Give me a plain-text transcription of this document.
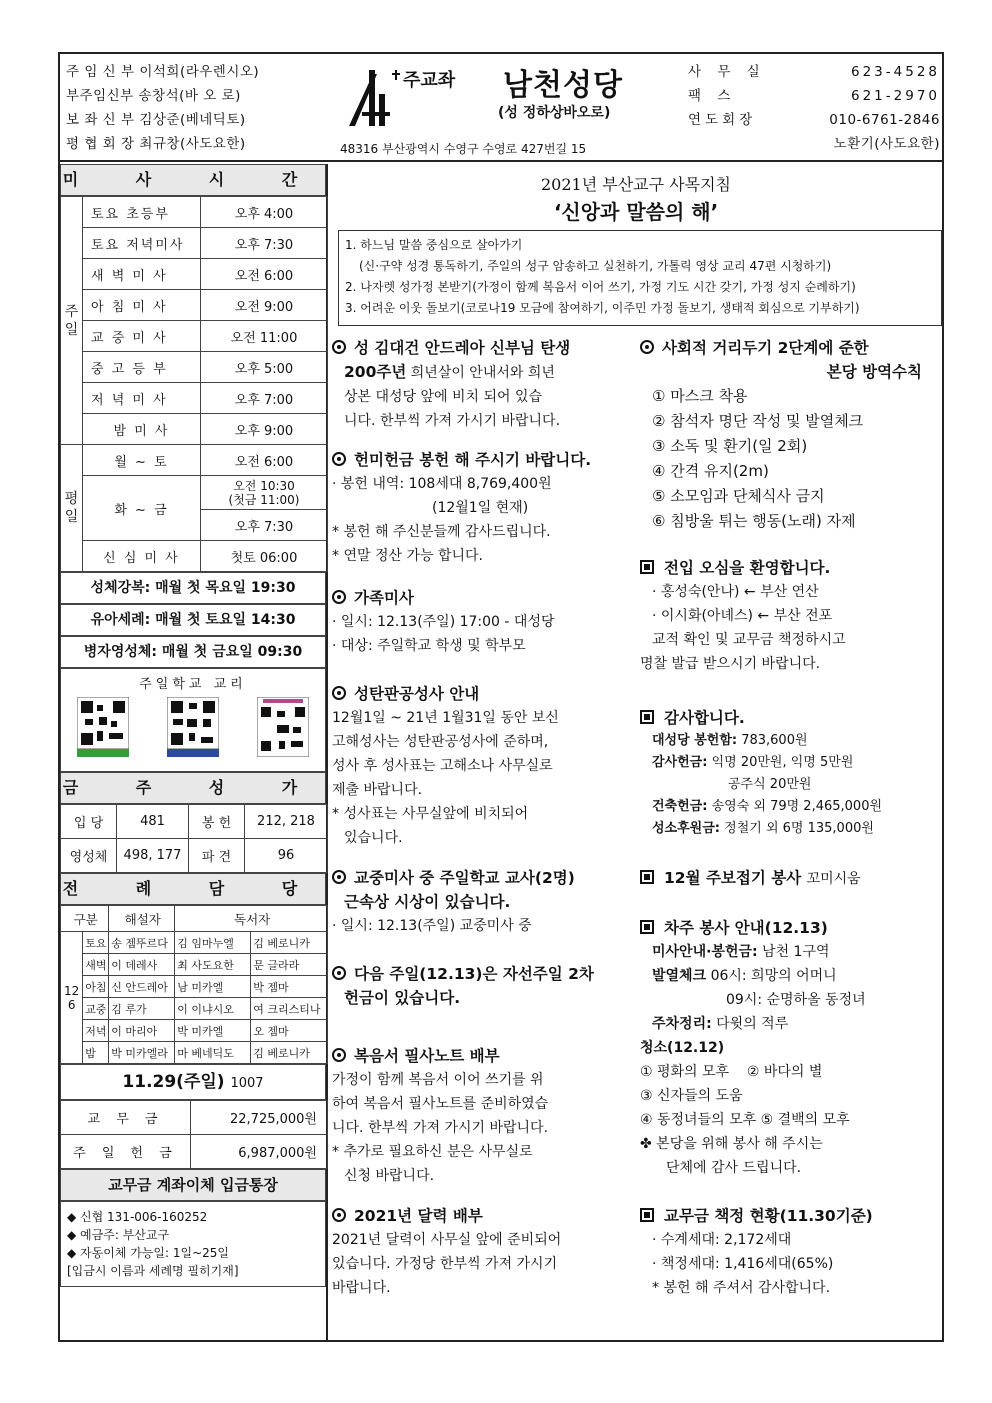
주 임 신 부 이석희(라우렌시오)
부주임신부 송창석(바 오 로)
보 좌 신 부 김상준(베네딕토)
평 협 회 장 최규창(사도요한)
주교좌 남천성당
(성 정하상바오로)
48316 부산광역시 수영구 수영로 427번길 15
사 무 실	623-4528
팩 스	621-2970
연도회장	010-6761-2846
노환기(사도요한)
미 사 시 간
주일	토요 초등부	오후 4:00
	토요 저녁미사	오후 7:30
	새 벽 미 사	오전 6:00
	아 침 미 사	오전 9:00
	교 중 미 사	오전 11:00
	중 고 등 부	오후 5:00
	저 녁 미 사	오후 7:00
	밤 미 사	오후 9:00
평일	월 ~ 토	오전 6:00
	화 ~ 금	오전 10:30
(첫금 11:00)
		오후 7:30
	신 심 미 사	첫토 06:00
성체강복: 매월 첫 목요일 19:30
유아세례: 매월 첫 토요일 14:30
병자영성체: 매월 첫 금요일 09:30
주일학교 교리
금 주 성 가
입 당	481	봉 헌	212, 218
영성체	498, 177	파 견	96
전 례 담 당
구분		해설자	독서자	
12 6	토요	송 젬뚜르다	김 임마누엘	김 베로니카
	새벽	이 데레사	최 사도요한	문 글라라
	아침	신 안드레아	남 미카엘	박 젬마
	교중	김 루가	이 이냐시오	여 크리스티나
	저녁	이 마리아	박 미카엘	오 젬마
	밤	박 미카엘라	마 베네딕도	김 베로니카
11.29(주일) 1007
교 무 금	22,725,000원
주 일 헌 금	6,987,000원
교무금 계좌이체 입금통장
◆ 신협 131-006-160252
◆ 예금주: 부산교구
◆ 자동이체 가능일: 1일~25일
[입금시 이름과 세례명 필히기재]
2021년 부산교구 사목지침
‘신앙과 말씀의 해’
1. 하느님 말씀 중심으로 살아가기
(신·구약 성경 통독하기, 주일의 성구 암송하고 실천하기, 가톨릭 영상 교리 47편 시청하기)
2. 나자렛 성가정 본받기(가정이 함께 복음서 이어 쓰기, 가정 기도 시간 갖기, 가정 성지 순례하기)
3. 어려운 이웃 돌보기(코로나19 모금에 참여하기, 이주민 가정 돌보기, 생태적 회심으로 기부하기)
성 김대건 안드레아 신부님 탄생
200주년 희년살이 안내서와 희년
상본 대성당 앞에 비치 되어 있습
니다. 한부씩 가져 가시기 바랍니다.
헌미헌금 봉헌 해 주시기 바랍니다.
· 봉헌 내역: 108세대 8,769,400원
(12월1일 현재)
* 봉헌 해 주신분들께 감사드립니다.
* 연말 정산 가능 합니다.
가족미사
· 일시: 12.13(주일) 17:00 - 대성당
· 대상: 주일학교 학생 및 학부모
성탄판공성사 안내
12월1일 ~ 21년 1월31일 동안 보신
고해성사는 성탄판공성사에 준하며,
성사 후 성사표는 고해소나 사무실로
제출 바랍니다.
* 성사표는 사무실앞에 비치되어
있습니다.
교중미사 중 주일학교 교사(2명)
근속상 시상이 있습니다.
· 일시: 12.13(주일) 교중미사 중
다음 주일(12.13)은 자선주일 2차
헌금이 있습니다.
복음서 필사노트 배부
가정이 함께 복음서 이어 쓰기를 위
하여 복음서 필사노트를 준비하였습
니다. 한부씩 가져 가시기 바랍니다.
* 추가로 필요하신 분은 사무실로
신청 바랍니다.
2021년 달력 배부
2021년 달력이 사무실 앞에 준비되어
있습니다. 가정당 한부씩 가져 가시기
바랍니다.
사회적 거리두기 2단계에 준한
본당 방역수칙
① 마스크 착용
② 참석자 명단 작성 및 발열체크
③ 소독 및 환기(일 2회)
④ 간격 유지(2m)
⑤ 소모임과 단체식사 금지
⑥ 침방울 튀는 행동(노래) 자제
전입 오심을 환영합니다.
· 홍성숙(안나) ← 부산 연산
· 이시화(아녜스) ← 부산 전포
교적 확인 및 교무금 책정하시고
명찰 발급 받으시기 바랍니다.
감사합니다.
대성당 봉헌함: 783,600원
감사헌금: 익명 20만원, 익명 5만원
공주식 20만원
건축헌금: 송영숙 외 79명 2,465,000원
성소후원금: 정철기 외 6명 135,000원
12월 주보접기 봉사 꼬미시움
차주 봉사 안내(12.13)
미사안내·봉헌금: 남천 1구역
발열체크 06시: 희망의 어머니
09시: 순명하올 동정녀
주차정리: 다윗의 적루
청소(12.12)
① 평화의 모후    ② 바다의 별
③ 신자들의 도움
④ 동정녀들의 모후 ⑤ 결백의 모후
✤ 본당을 위해 봉사 해 주시는
단체에 감사 드립니다.
교무금 책정 현황(11.30기준)
· 수계세대: 2,172세대
· 책정세대: 1,416세대(65%)
* 봉헌 해 주셔서 감사합니다.
